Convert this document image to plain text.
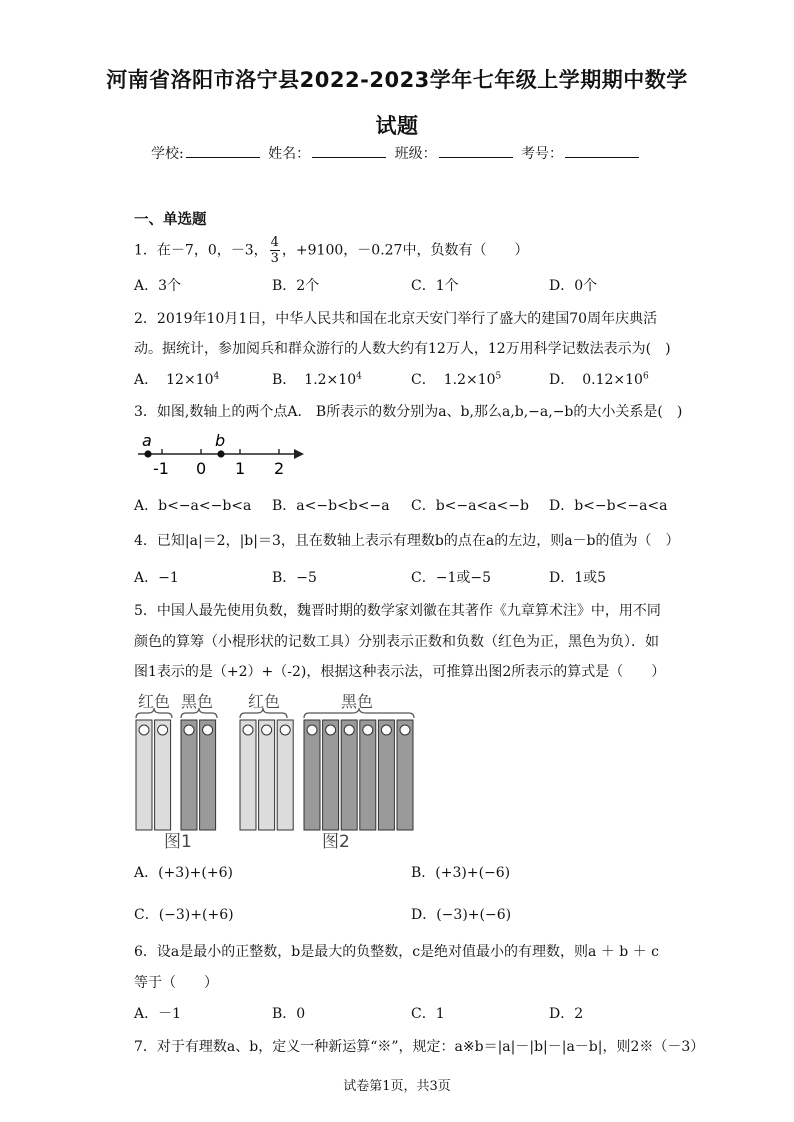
河南省洛阳市洛宁县2022-2023学年七年级上学期期中数学
试题
学校:	姓名：	班级：	考号：
一、单选题
1．在－7，0，－3， $\frac{4}{3}$ ，+9100，－0.27中，负数有（　　）
A．3个	B．2个	C．1个	D．0个
2．2019年10月1日，中华人民共和国在北京天安门举行了盛大的建国70周年庆典活
动。据统计，参加阅兵和群众游行的人数大约有12万人，12万用科学记数法表示为(　)
A． $12\times 10^4$	B． $1.2\times 10^4$	C． $1.2\times 10^5$	D． $0.12\times 10^6$
3．如图,数轴上的两个点A． B所表示的数分别为a、b,那么a,b,−a,−b的大小关系是(　)
a	b
-1 0 1 2
A．b<−a<−b<a B．a<−b<b<−a C．b<−a<a<−b D．b<−b<−a<a
4．已知|a|＝2，|b|＝3，且在数轴上表示有理数b的点在a的左边，则a－b的值为（　）
A．−1	B．−5	C．−1或−5	D．1或5
5．中国人最先使用负数，魏晋时期的数学家刘徽在其著作《九章算术注》中，用不同
颜色的算筹（小棍形状的记数工具）分别表示正数和负数（红色为正，黑色为负）．如
图1表示的是（+2）+（-2)，根据这种表示法，可推算出图2所表示的算式是（　　）
红色 黑色 红色	黑色
图1	图2
A．(+3)+(+6)	B．(+3)+(−6)
C．(−3)+(+6)	D．(−3)+(−6)
6．设a是最小的正整数，b是最大的负整数，c是绝对值最小的有理数，则a ＋ b ＋ c
等于（　　）
A．－1	B．0	C．1	D．2
7．对于有理数a、b，定义一种新运算“※”，规定：a※b＝|a|－|b|－|a－b|，则2※（－3）
试卷第1页，共3页
